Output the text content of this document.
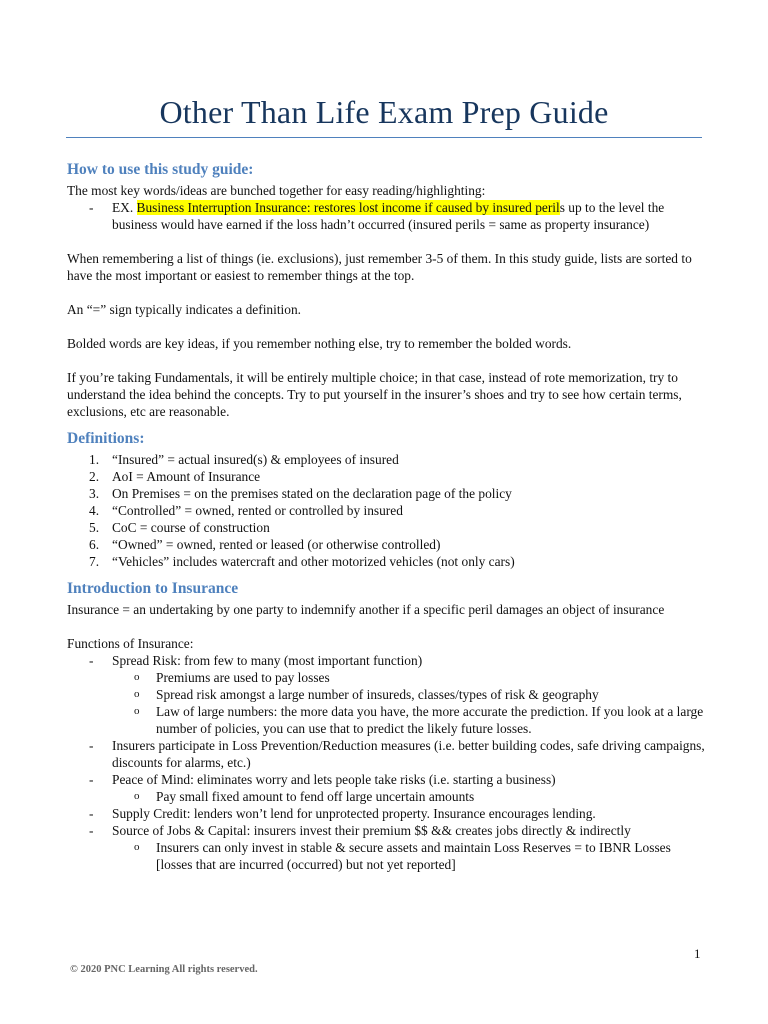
Other Than Life Exam Prep Guide
How to use this study guide:

The most key words/ideas are bunched together for easy reading/highlighting:

- EX. Business Interruption Insurance: restores lost income if caused by insured perils up to the level the business would have earned if the loss hadn’t occurred (insured perils = same as property insurance)

When remembering a list of things (ie. exclusions), just remember 3-5 of them. In this study guide, lists are sorted to have the most important or easiest to remember things at the top.

An “=” sign typically indicates a definition.

Bolded words are key ideas, if you remember nothing else, try to remember the bolded words.

If you’re taking Fundamentals, it will be entirely multiple choice; in that case, instead of rote memorization, try to understand the idea behind the concepts. Try to put yourself in the insurer’s shoes and try to see how certain terms, exclusions, etc are reasonable.

Definitions:
1. “Insured” = actual insured(s) & employees of insured
2. AoI = Amount of Insurance
3. On Premises = on the premises stated on the declaration page of the policy
4. “Controlled” = owned, rented or controlled by insured
5. CoC = course of construction
6. “Owned” = owned, rented or leased (or otherwise controlled)
7. “Vehicles” includes watercraft and other motorized vehicles (not only cars)
Introduction to Insurance

Insurance = an undertaking by one party to indemnify another if a specific peril damages an object of insurance

Functions of Insurance:

- Spread Risk: from few to many (most important function)
o Premiums are used to pay losses
o Spread risk amongst a large number of insureds, classes/types of risk & geography
o Law of large numbers: the more data you have, the more accurate the prediction. If you look at a large number of policies, you can use that to predict the likely future losses.
- Insurers participate in Loss Prevention/Reduction measures (i.e. better building codes, safe driving campaigns, discounts for alarms, etc.)
- Peace of Mind: eliminates worry and lets people take risks (i.e. starting a business)
o Pay small fixed amount to fend off large uncertain amounts
- Supply Credit: lenders won’t lend for unprotected property. Insurance encourages lending.
- Source of Jobs & Capital: insurers invest their premium $$ && creates jobs directly & indirectly
o Insurers can only invest in stable & secure assets and maintain Loss Reserves = to IBNR Losses [losses that are incurred (occurred) but not yet reported]
1
© 2020 PNC Learning All rights reserved.
